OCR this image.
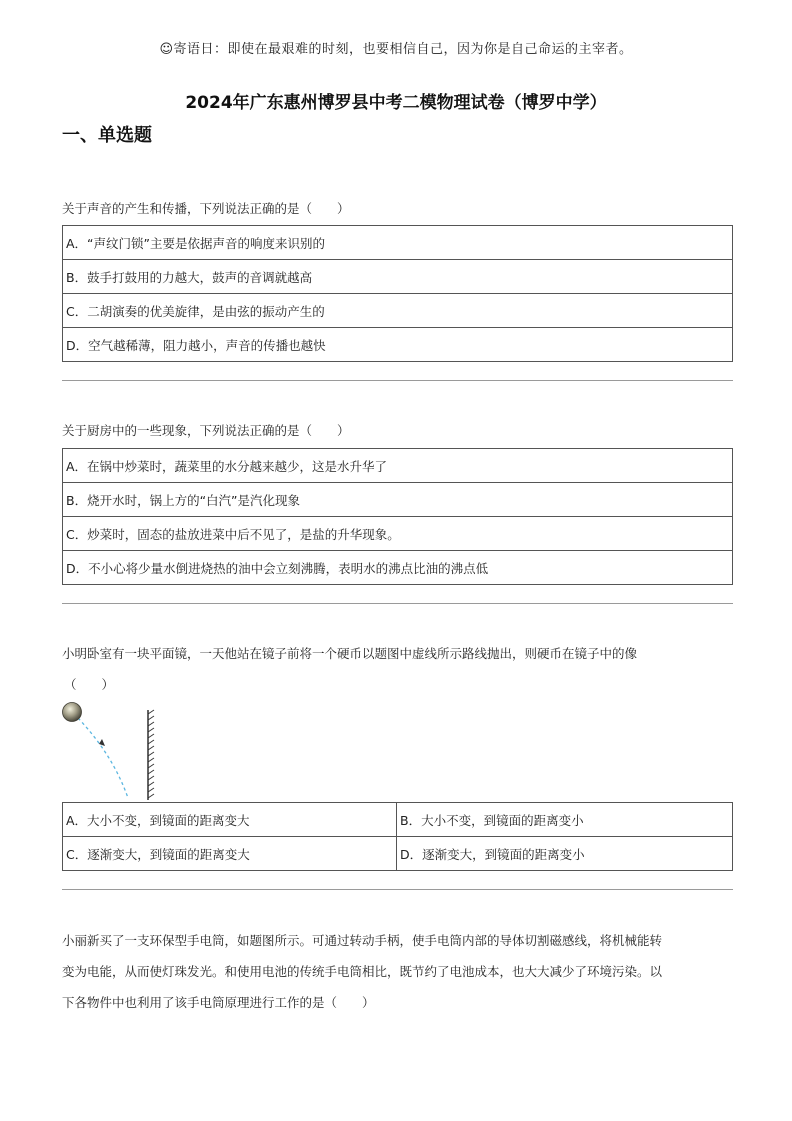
☺寄语日：即使在最艰难的时刻，也要相信自己，因为你是自己命运的主宰者。
2024年广东惠州博罗县中考二模物理试卷（博罗中学）
一、单选题
关于声音的产生和传播，下列说法正确的是（　　）
A．“声纹门锁”主要是依据声音的响度来识别的
B．鼓手打鼓用的力越大，鼓声的音调就越高
C．二胡演奏的优美旋律，是由弦的振动产生的
D．空气越稀薄，阻力越小，声音的传播也越快
关于厨房中的一些现象，下列说法正确的是（　　）
A．在锅中炒菜时，蔬菜里的水分越来越少，这是水升华了
B．烧开水时，锅上方的“白汽”是汽化现象
C．炒菜时，固态的盐放进菜中后不见了，是盐的升华现象。
D．不小心将少量水倒进烧热的油中会立刻沸腾，表明水的沸点比油的沸点低
小明卧室有一块平面镜，一天他站在镜子前将一个硬币以题图中虚线所示路线抛出，则硬币在镜子中的像
（　　）
A．大小不变，到镜面的距离变大	B．大小不变，到镜面的距离变小
C．逐渐变大，到镜面的距离变大	D．逐渐变大，到镜面的距离变小
小丽新买了一支环保型手电筒，如题图所示。可通过转动手柄，使手电筒内部的导体切割磁感线，将机械能转
变为电能，从而使灯珠发光。和使用电池的传统手电筒相比，既节约了电池成本，也大大减少了环境污染。以
下各物件中也利用了该手电筒原理进行工作的是（　　）
